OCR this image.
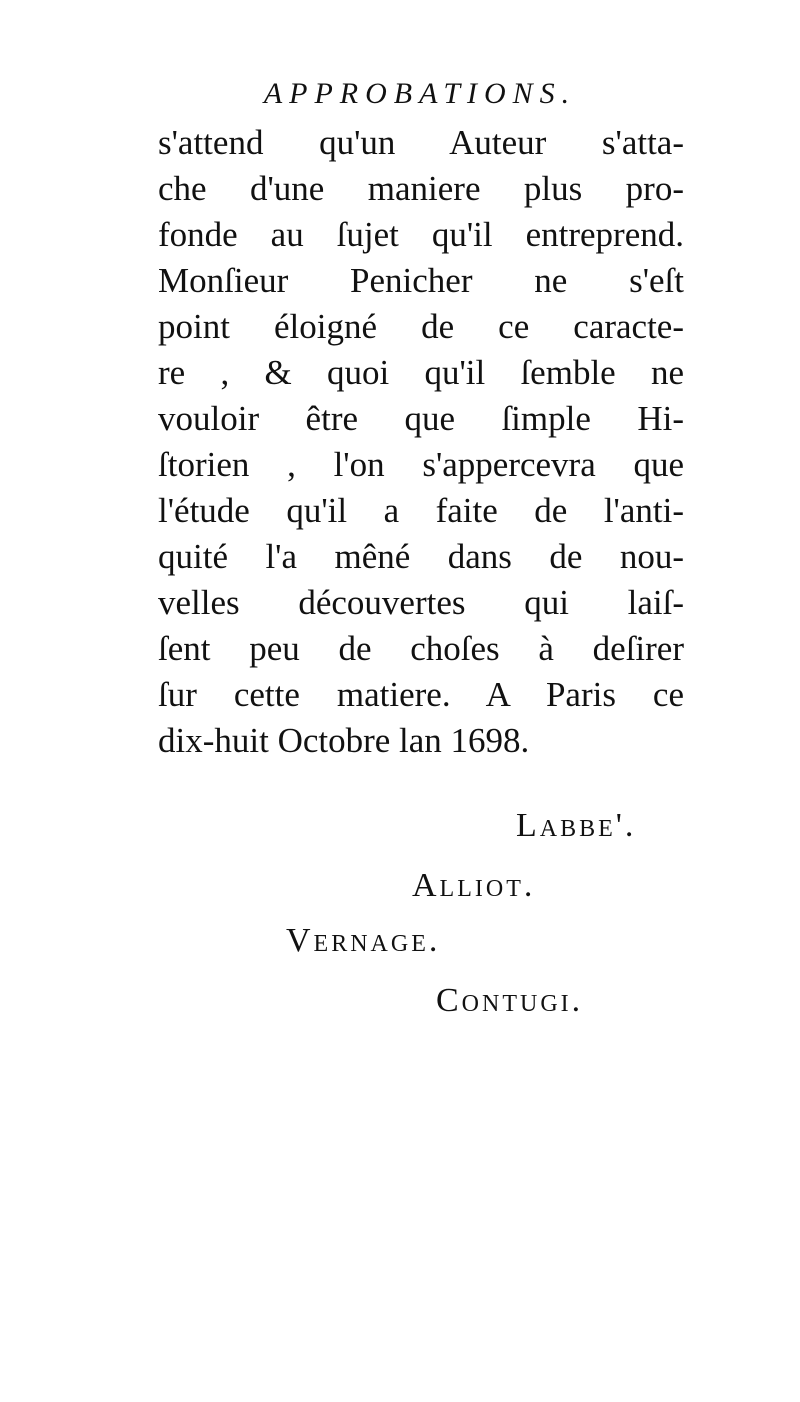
APPROBATIONS.
s'attend qu'un Auteur s'atta-
che d'une maniere plus pro-
fonde au ſujet qu'il entreprend.
Monſieur Penicher ne s'eſt
point éloigné de ce caracte-
re , & quoi qu'il ſemble ne
vouloir être que ſimple Hi-
ſtorien , l'on s'appercevra que
l'étude qu'il a faite de l'anti-
quité l'a mêné dans de nou-
velles découvertes qui laiſ-
ſent peu de choſes à deſirer
ſur cette matiere. A Paris ce
dix-huit Octobre lan 1698.
Labbe'.
Alliot.
Vernage.
Contugi.
